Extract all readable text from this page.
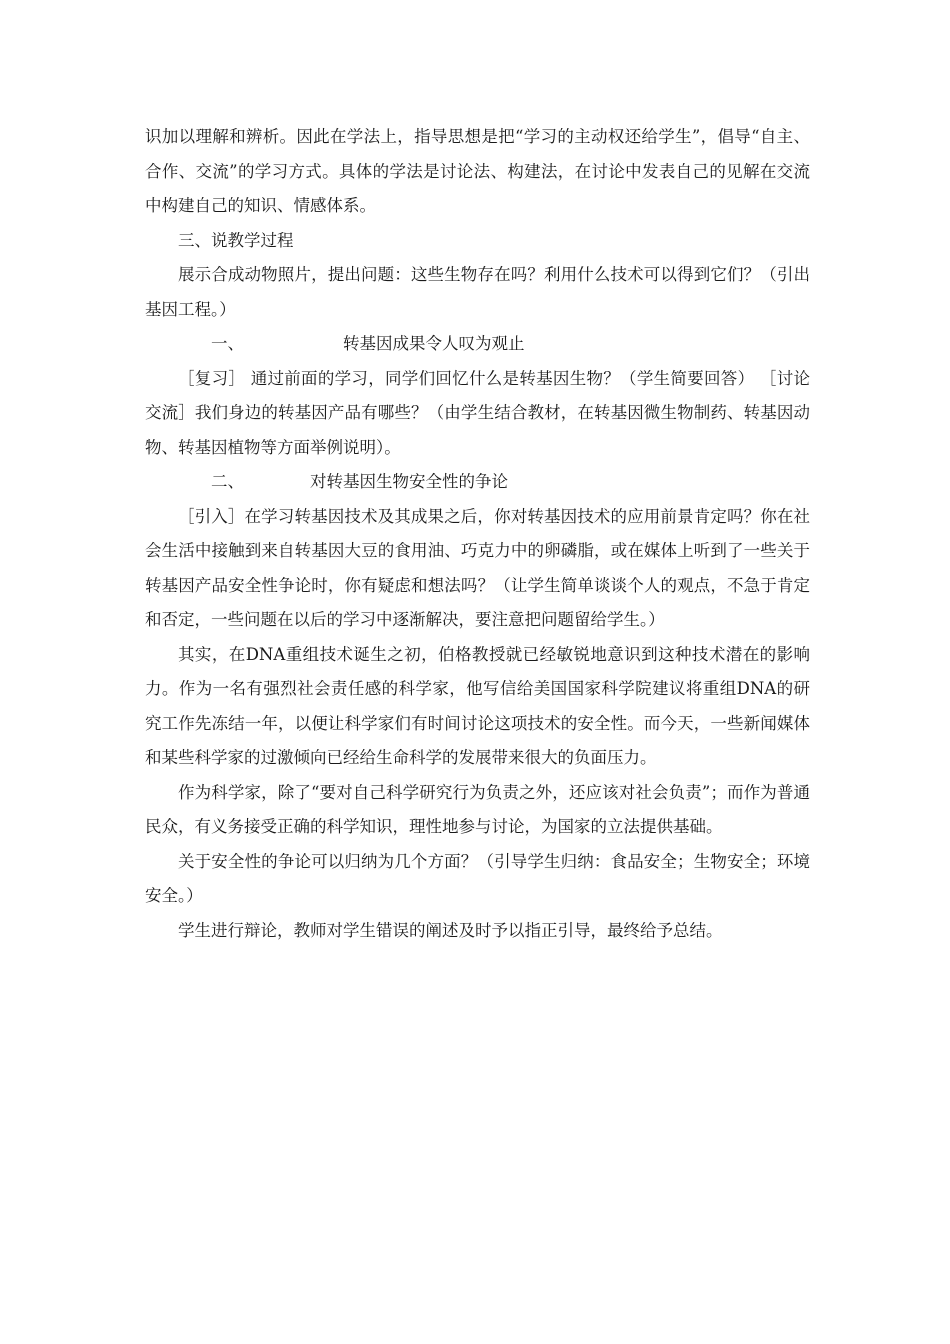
识加以理解和辨析。因此在学法上，指导思想是把“学习的主动权还给学生”，倡导“自主、合作、交流”的学习方式。具体的学法是讨论法、构建法，在讨论中发表自己的见解在交流中构建自己的知识、情感体系。

三、说教学过程

展示合成动物照片，提出问题：这些生物存在吗？利用什么技术可以得到它们？（引出基因工程。）

一、	转基因成果令人叹为观止

［复习］ 通过前面的学习，同学们回忆什么是转基因生物？（学生简要回答） ［讨论交流］我们身边的转基因产品有哪些？（由学生结合教材，在转基因微生物制药、转基因动物、转基因植物等方面举例说明）。

二、	对转基因生物安全性的争论

［引入］在学习转基因技术及其成果之后，你对转基因技术的应用前景肯定吗？你在社会生活中接触到来自转基因大豆的食用油、巧克力中的卵磷脂，或在媒体上听到了一些关于转基因产品安全性争论时，你有疑虑和想法吗？（让学生简单谈谈个人的观点，不急于肯定和否定，一些问题在以后的学习中逐渐解决，要注意把问题留给学生。）

其实，在DNA重组技术诞生之初，伯格教授就已经敏锐地意识到这种技术潜在的影响力。作为一名有强烈社会责任感的科学家，他写信给美国国家科学院建议将重组DNA的研究工作先冻结一年，以便让科学家们有时间讨论这项技术的安全性。而今天，一些新闻媒体和某些科学家的过激倾向已经给生命科学的发展带来很大的负面压力。

作为科学家，除了“要对自己科学研究行为负责之外，还应该对社会负责”；而作为普通民众，有义务接受正确的科学知识，理性地参与讨论，为国家的立法提供基础。

关于安全性的争论可以归纳为几个方面？（引导学生归纳：食品安全；生物安全；环境安全。）

学生进行辩论，教师对学生错误的阐述及时予以指正引导，最终给予总结。
